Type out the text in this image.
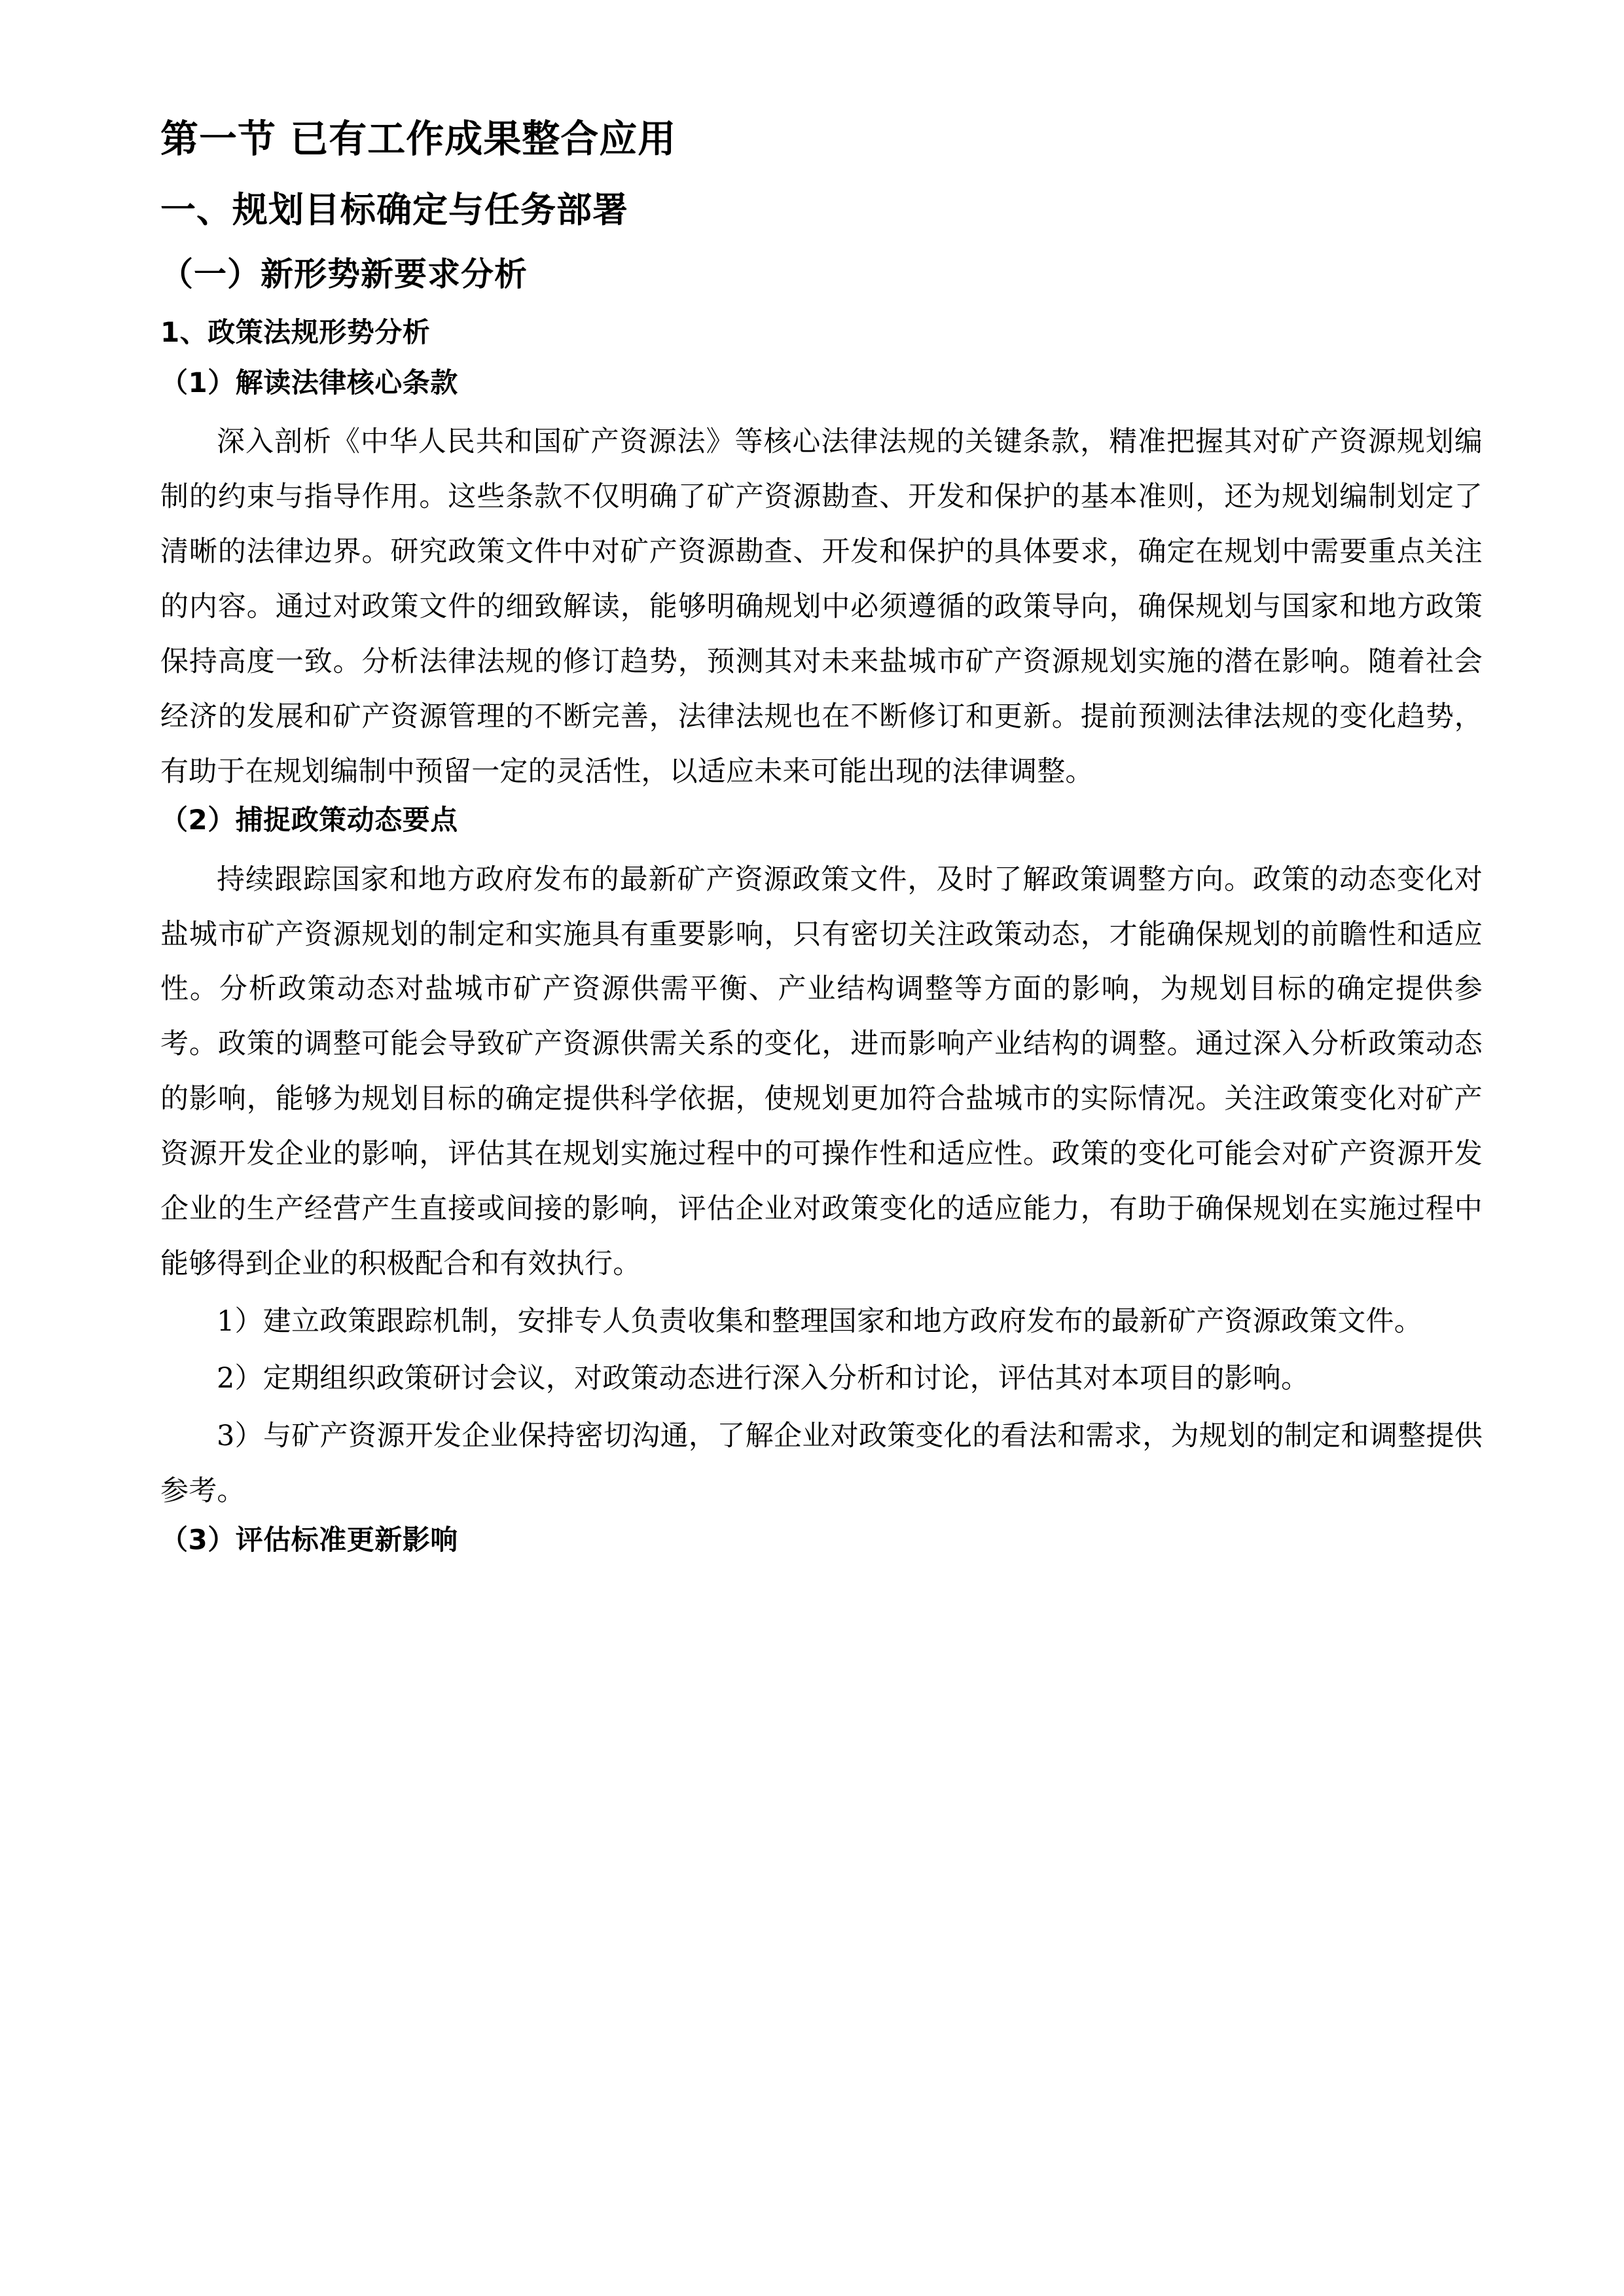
第一节 已有工作成果整合应用
一、规划目标确定与任务部署
（一）新形势新要求分析
1、政策法规形势分析
（1）解读法律核心条款

深入剖析《中华人民共和国矿产资源法》等核心法律法规的关键条款，精准把握其对矿产资源规划编制的约束与指导作用。这些条款不仅明确了矿产资源勘查、开发和保护的基本准则，还为规划编制划定了清晰的法律边界。研究政策文件中对矿产资源勘查、开发和保护的具体要求，确定在规划中需要重点关注的内容。通过对政策文件的细致解读，能够明确规划中必须遵循的政策导向，确保规划与国家和地方政策保持高度一致。分析法律法规的修订趋势，预测其对未来盐城市矿产资源规划实施的潜在影响。随着社会经济的发展和矿产资源管理的不断完善，法律法规也在不断修订和更新。提前预测法律法规的变化趋势，有助于在规划编制中预留一定的灵活性，以适应未来可能出现的法律调整。

（2）捕捉政策动态要点

持续跟踪国家和地方政府发布的最新矿产资源政策文件，及时了解政策调整方向。政策的动态变化对盐城市矿产资源规划的制定和实施具有重要影响，只有密切关注政策动态，才能确保规划的前瞻性和适应性。分析政策动态对盐城市矿产资源供需平衡、产业结构调整等方面的影响，为规划目标的确定提供参考。政策的调整可能会导致矿产资源供需关系的变化，进而影响产业结构的调整。通过深入分析政策动态的影响，能够为规划目标的确定提供科学依据，使规划更加符合盐城市的实际情况。关注政策变化对矿产资源开发企业的影响，评估其在规划实施过程中的可操作性和适应性。政策的变化可能会对矿产资源开发企业的生产经营产生直接或间接的影响，评估企业对政策变化的适应能力，有助于确保规划在实施过程中能够得到企业的积极配合和有效执行。

1）建立政策跟踪机制，安排专人负责收集和整理国家和地方政府发布的最新矿产资源政策文件。

2）定期组织政策研讨会议，对政策动态进行深入分析和讨论，评估其对本项目的影响。

3）与矿产资源开发企业保持密切沟通，了解企业对政策变化的看法和需求，为规划的制定和调整提供参考。

（3）评估标准更新影响
